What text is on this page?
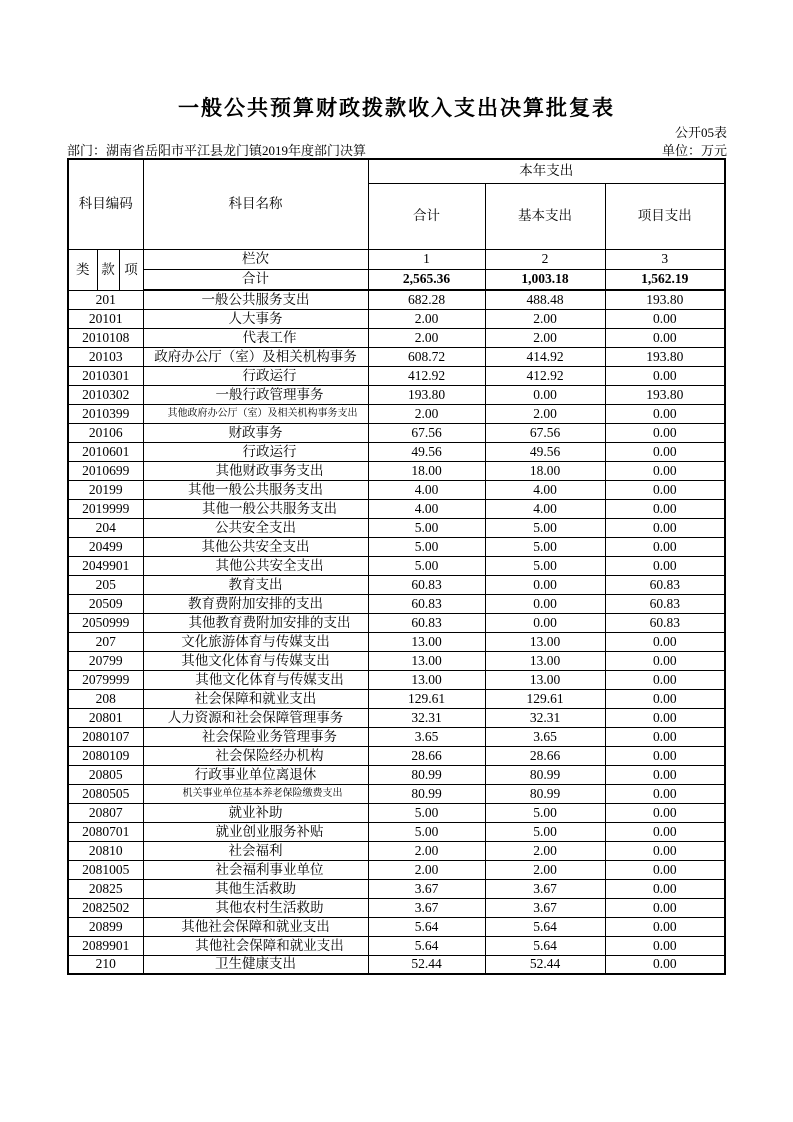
一般公共预算财政拨款收入支出决算批复表
公开05表
部门：湖南省岳阳市平江县龙门镇2019年度部门决算	单位：万元
科目编码			科目名称	本年支出		
				合计	基本支出	项目支出
类	款	项	栏次	1	2	3
			合计	2,565.36	1,003.18	1,562.19
201			一般公共服务支出	682.28	488.48	193.80
20101			人大事务	2.00	2.00	0.00
2010108			代表工作	2.00	2.00	0.00
20103			政府办公厅（室）及相关机构事务	608.72	414.92	193.80
2010301			行政运行	412.92	412.92	0.00
2010302			一般行政管理事务	193.80	0.00	193.80
2010399			其他政府办公厅（室）及相关机构事务支出	2.00	2.00	0.00
20106			财政事务	67.56	67.56	0.00
2010601			行政运行	49.56	49.56	0.00
2010699			其他财政事务支出	18.00	18.00	0.00
20199			其他一般公共服务支出	4.00	4.00	0.00
2019999			其他一般公共服务支出	4.00	4.00	0.00
204			公共安全支出	5.00	5.00	0.00
20499			其他公共安全支出	5.00	5.00	0.00
2049901			其他公共安全支出	5.00	5.00	0.00
205			教育支出	60.83	0.00	60.83
20509			教育费附加安排的支出	60.83	0.00	60.83
2050999			其他教育费附加安排的支出	60.83	0.00	60.83
207			文化旅游体育与传媒支出	13.00	13.00	0.00
20799			其他文化体育与传媒支出	13.00	13.00	0.00
2079999			其他文化体育与传媒支出	13.00	13.00	0.00
208			社会保障和就业支出	129.61	129.61	0.00
20801			人力资源和社会保障管理事务	32.31	32.31	0.00
2080107			社会保险业务管理事务	3.65	3.65	0.00
2080109			社会保险经办机构	28.66	28.66	0.00
20805			行政事业单位离退休	80.99	80.99	0.00
2080505			机关事业单位基本养老保险缴费支出	80.99	80.99	0.00
20807			就业补助	5.00	5.00	0.00
2080701			就业创业服务补贴	5.00	5.00	0.00
20810			社会福利	2.00	2.00	0.00
2081005			社会福利事业单位	2.00	2.00	0.00
20825			其他生活救助	3.67	3.67	0.00
2082502			其他农村生活救助	3.67	3.67	0.00
20899			其他社会保障和就业支出	5.64	5.64	0.00
2089901			其他社会保障和就业支出	5.64	5.64	0.00
210			卫生健康支出	52.44	52.44	0.00
